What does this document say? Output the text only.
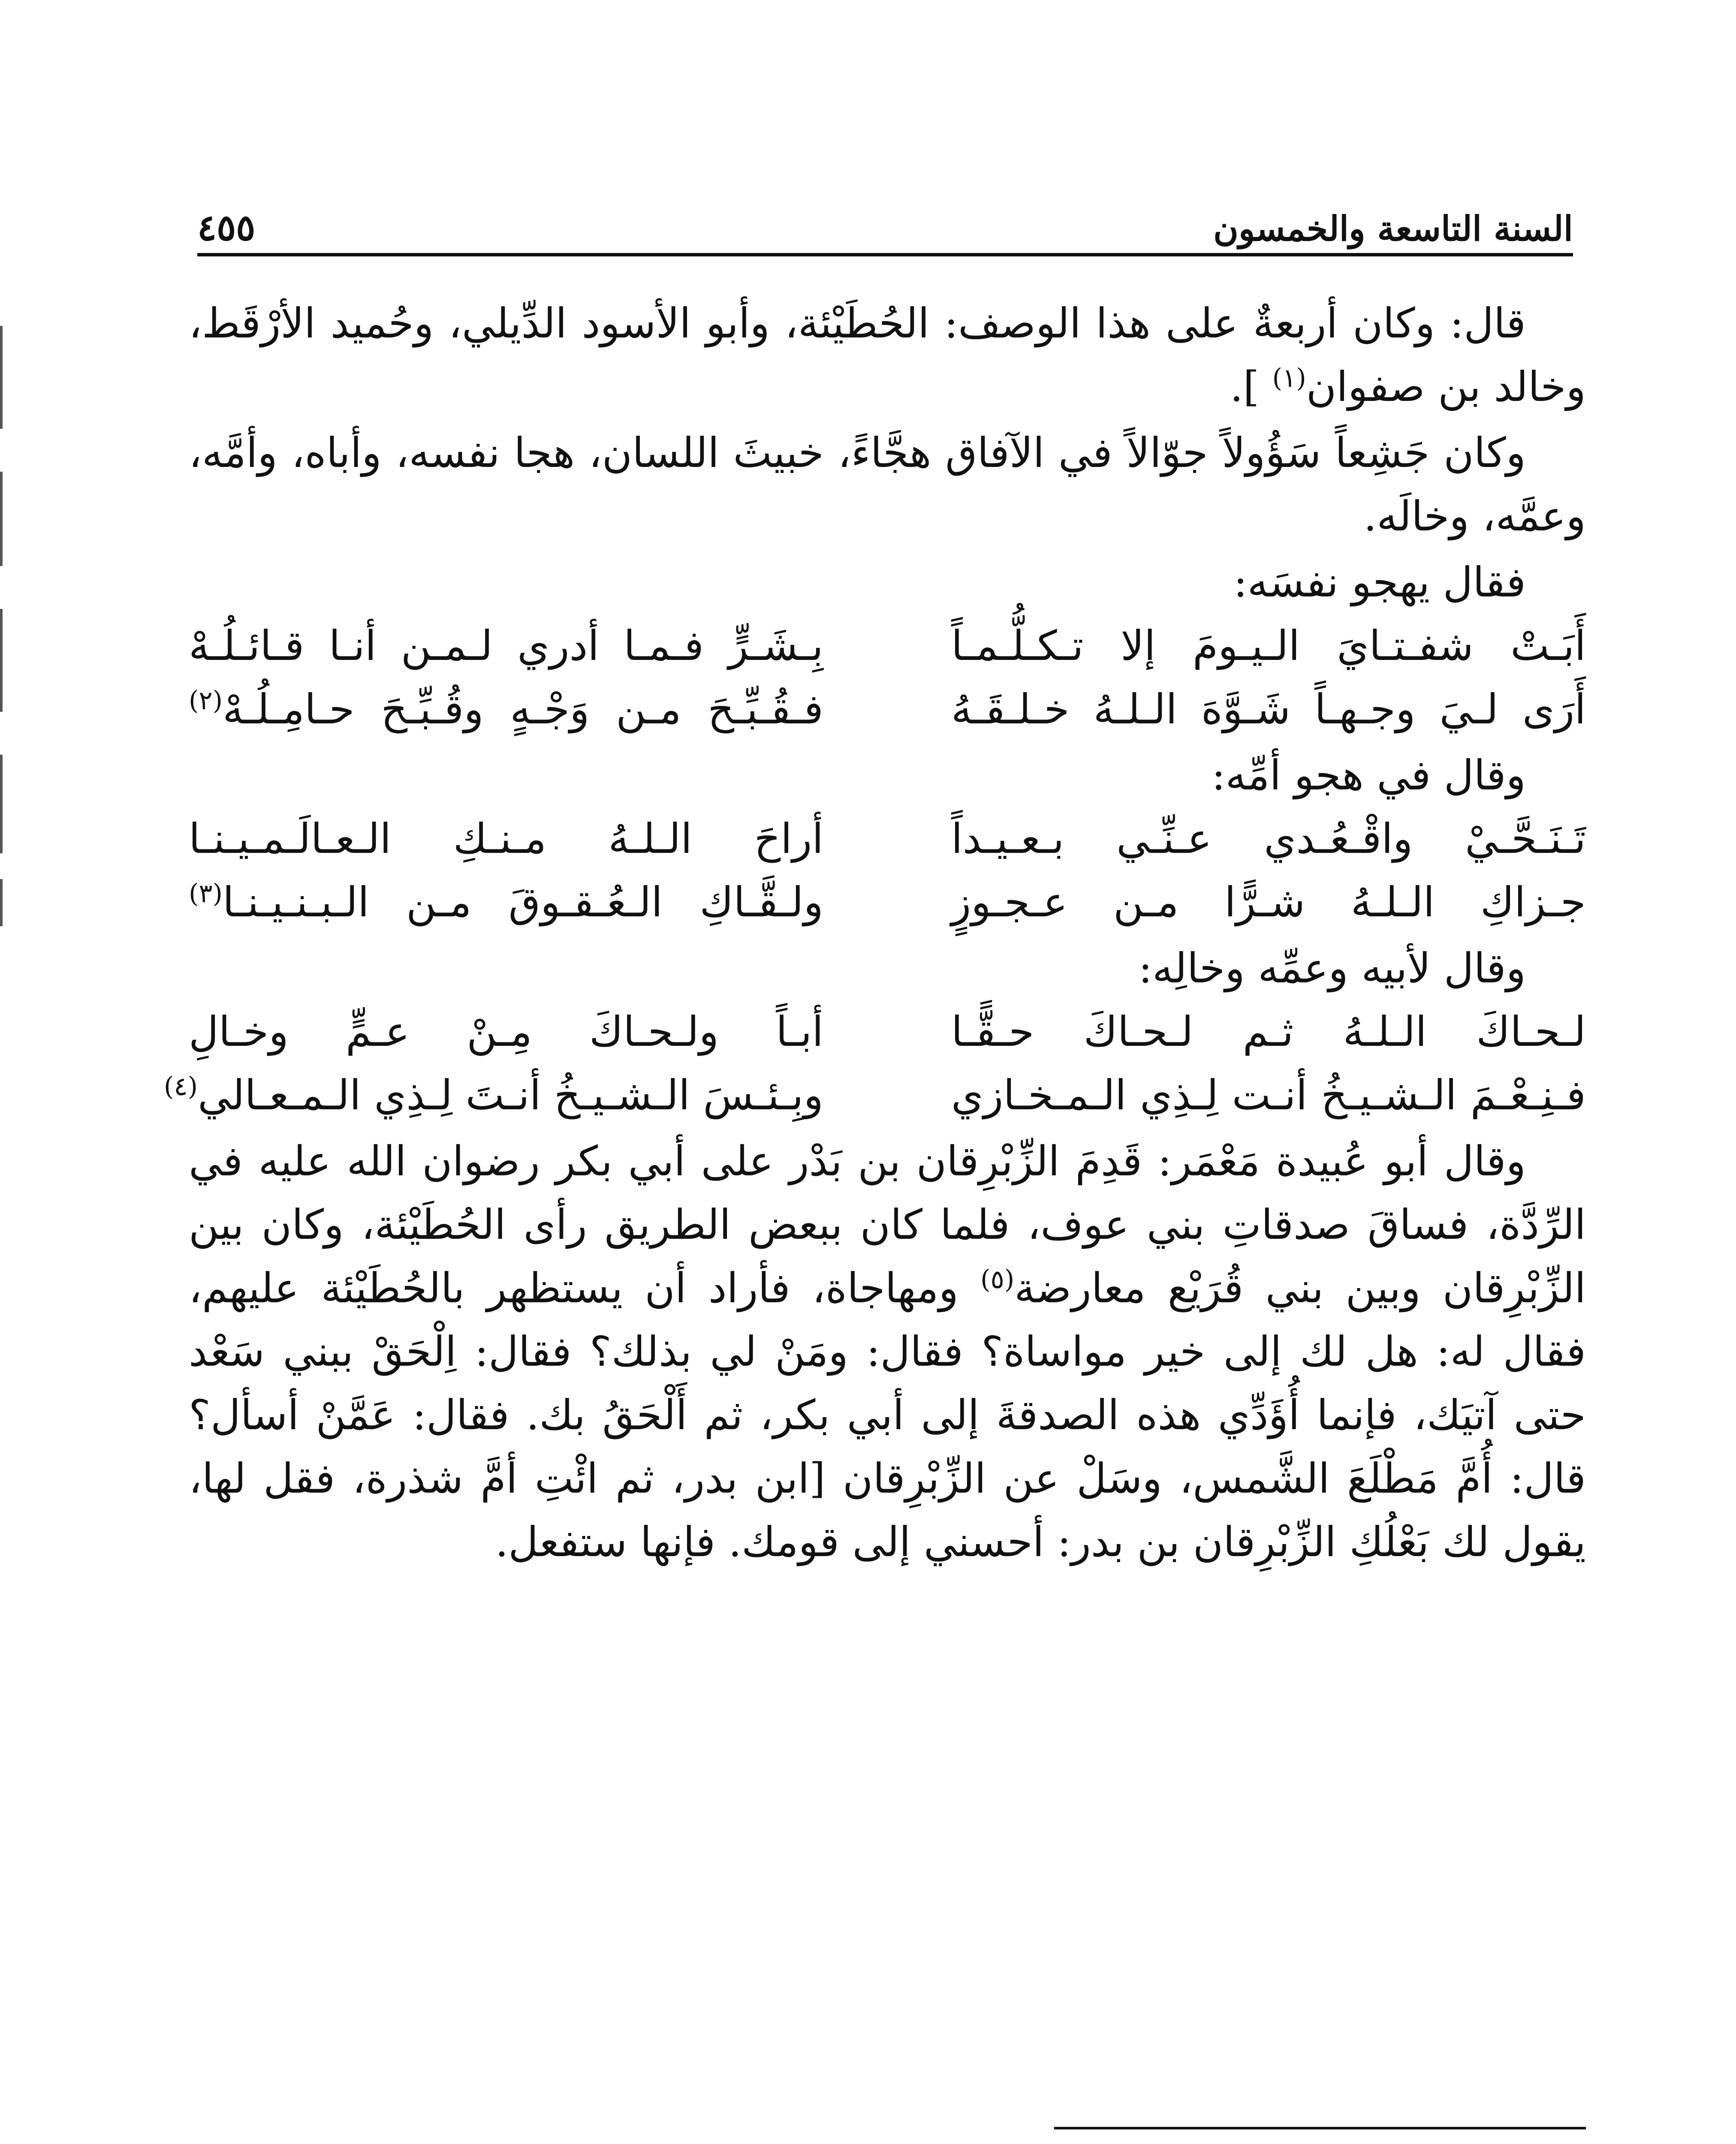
السنة التاسعة والخمسون
٤٥٥

قال: وكان أربعةٌ على هذا الوصف: الحُطَيْئة، وأبو الأسود الدِّيلي، وحُميد الأرْقَط، وخالد بن صفوان$^{(١)}$ ].

وكان جَشِعاً سَؤُولاً جوّالاً في الآفاق هجَّاءً، خبيثَ اللسان، هجا نفسه، وأباه، وأمَّه، وعمَّه، وخالَه.

فقال يهجو نفسَه:

أَبَـتْ شفـتـايَ الـيـومَ إلا تـكـلُّـمـاً
بِـشَـرٍّ فـمـا أدري لـمـن أنـا قـائـلُـهْ
أَرَى لـيَ وجـهـاً شَـوَّهَ الـلـهُ خـلـقَـهُ
فـقُـبِّـحَ مـن وَجْـهٍ وقُـبِّـحَ حـامِـلُـهْ$^{(٢)}$

وقال في هجو أمِّه:

تَـنَـحَّـيْ واقْـعُـدي عـنِّـي بـعـيـداً
أراحَ الـلـهُ مـنـكِ الـعـالَـمـيـنـا
جـزاكِ الـلـهُ شـرًّا مـن عـجـوزٍ
ولـقَّـاكِ الـعُـقـوقَ مـن الـبـنـيـنـا$^{(٣)}$

وقال لأبيه وعمِّه وخالِه:

لـحـاكَ الـلـهُ ثـم لـحـاكَ حـقًّـا
أبـاً ولـحـاكَ مِـنْ عـمٍّ وخـالِ
فـنِـعْـمَ الـشـيـخُ أنـت لِـذِي الـمـخـازي
وبِـئـسَ الـشـيـخُ أنـتَ لِـذِي الـمـعـالي$^{(٤)}$

وقال أبو عُبيدة مَعْمَر: قَدِمَ الزِّبْرِقان بن بَدْر على أبي بكر رضوان الله عليه في الرِّدَّة، فساقَ صدقاتِ بني عوف، فلما كان ببعض الطريق رأى الحُطَيْئة، وكان بين الزِّبْرِقان وبين بني قُرَيْع معارضة$^{(٥)}$ ومهاجاة، فأراد أن يستظهر بالحُطَيْئة عليهم، فقال له: هل لك إلى خير مواساة؟ فقال: ومَنْ لي بذلك؟ فقال: اِلْحَقْ ببني سَعْد حتى آتيَك، فإنما أُؤَدِّي هذه الصدقةَ إلى أبي بكر، ثم أَلْحَقُ بك. فقال: عَمَّنْ أسأل؟ قال: أُمَّ مَطْلَعَ الشَّمس، وسَلْ عن الزِّبْرِقان [ابن بدر، ثم ائْتِ أمَّ شذرة، فقل لها، يقول لك بَعْلُكِ الزِّبْرِقان بن بدر: أحسني إلى قومك. فإنها ستفعل.
